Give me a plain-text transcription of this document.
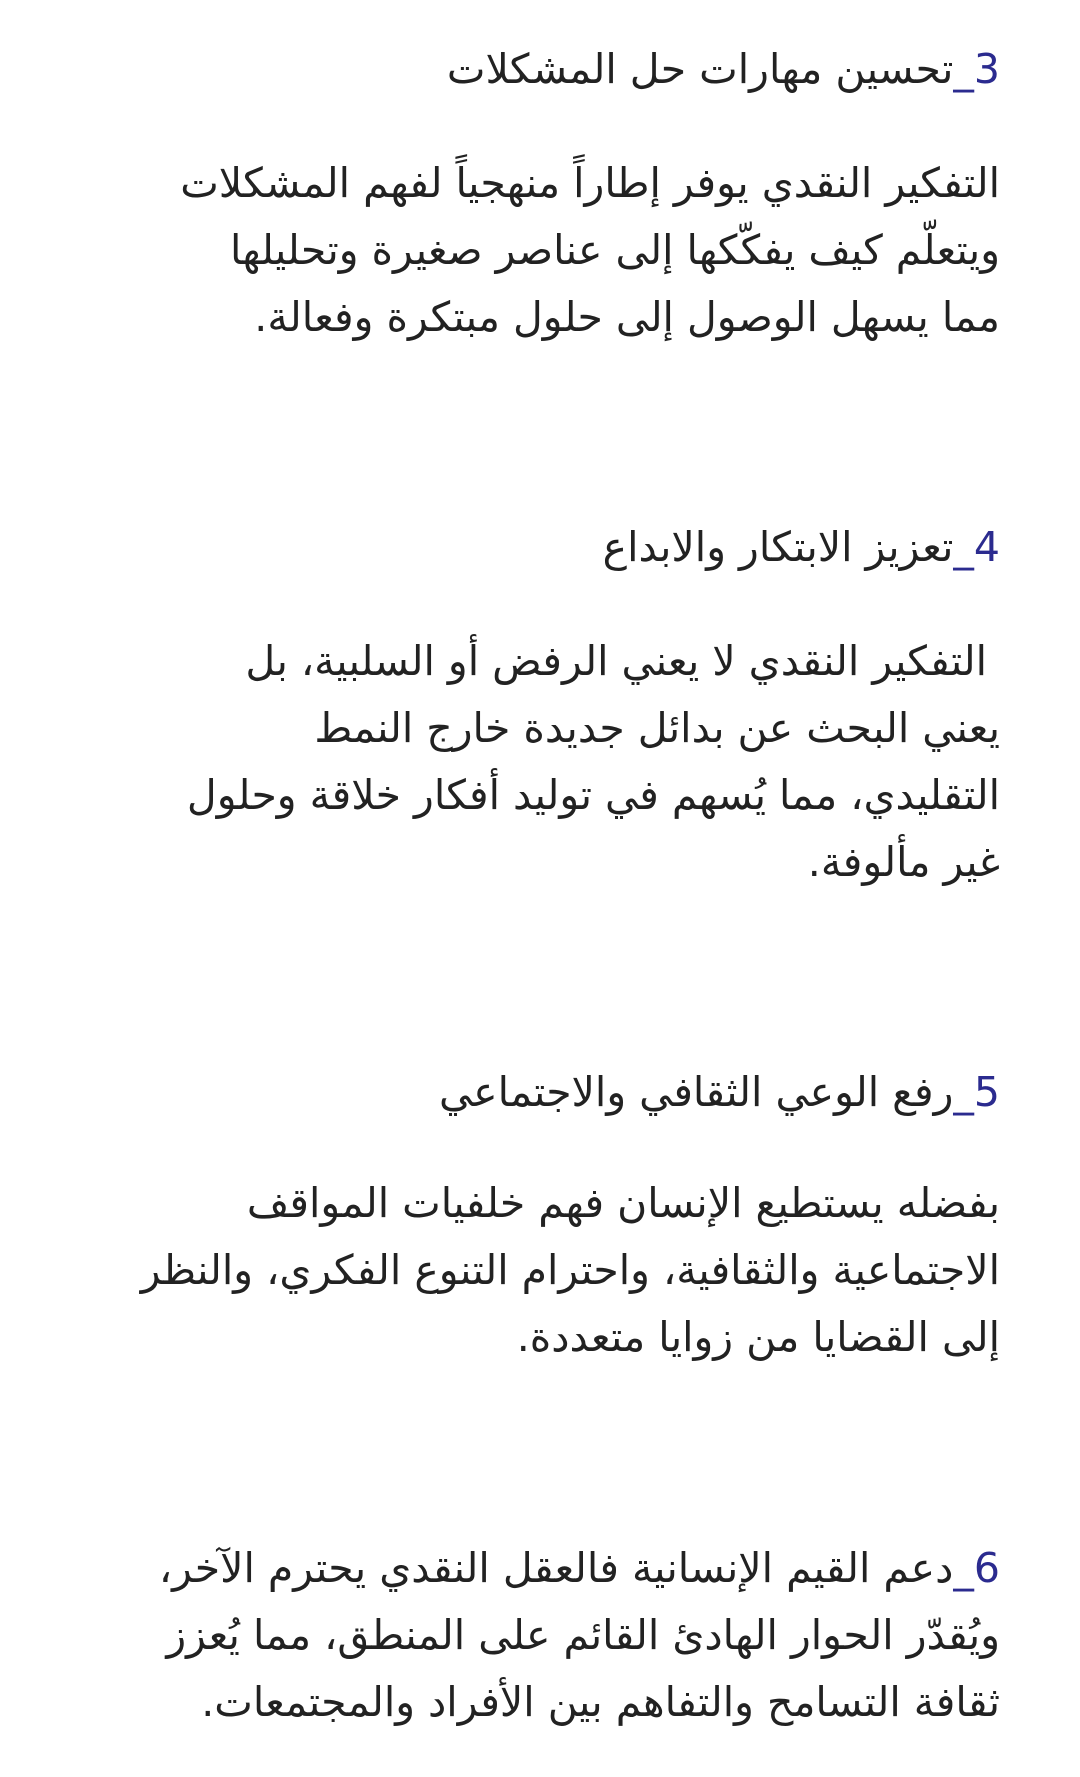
3_تحسين مهارات حل المشكلات
التفكير النقدي يوفر إطاراً منهجياً لفهم المشكلات
ويتعلّم كيف يفكّكها إلى عناصر صغيرة وتحليلها
مما يسهل الوصول إلى حلول مبتكرة وفعالة.
4_تعزيز الابتكار والابداع
التفكير النقدي لا يعني الرفض أو السلبية، بل
يعني البحث عن بدائل جديدة خارج النمط
التقليدي، مما يُسهم في توليد أفكار خلاقة وحلول
غير مألوفة.
5_رفع الوعي الثقافي والاجتماعي
بفضله يستطيع الإنسان فهم خلفيات المواقف
الاجتماعية والثقافية، واحترام التنوع الفكري، والنظر
إلى القضايا من زوايا متعددة.
6_دعم القيم الإنسانية فالعقل النقدي يحترم الآخر،
ويُقدّر الحوار الهادئ القائم على المنطق، مما يُعزز
ثقافة التسامح والتفاهم بين الأفراد والمجتمعات.
